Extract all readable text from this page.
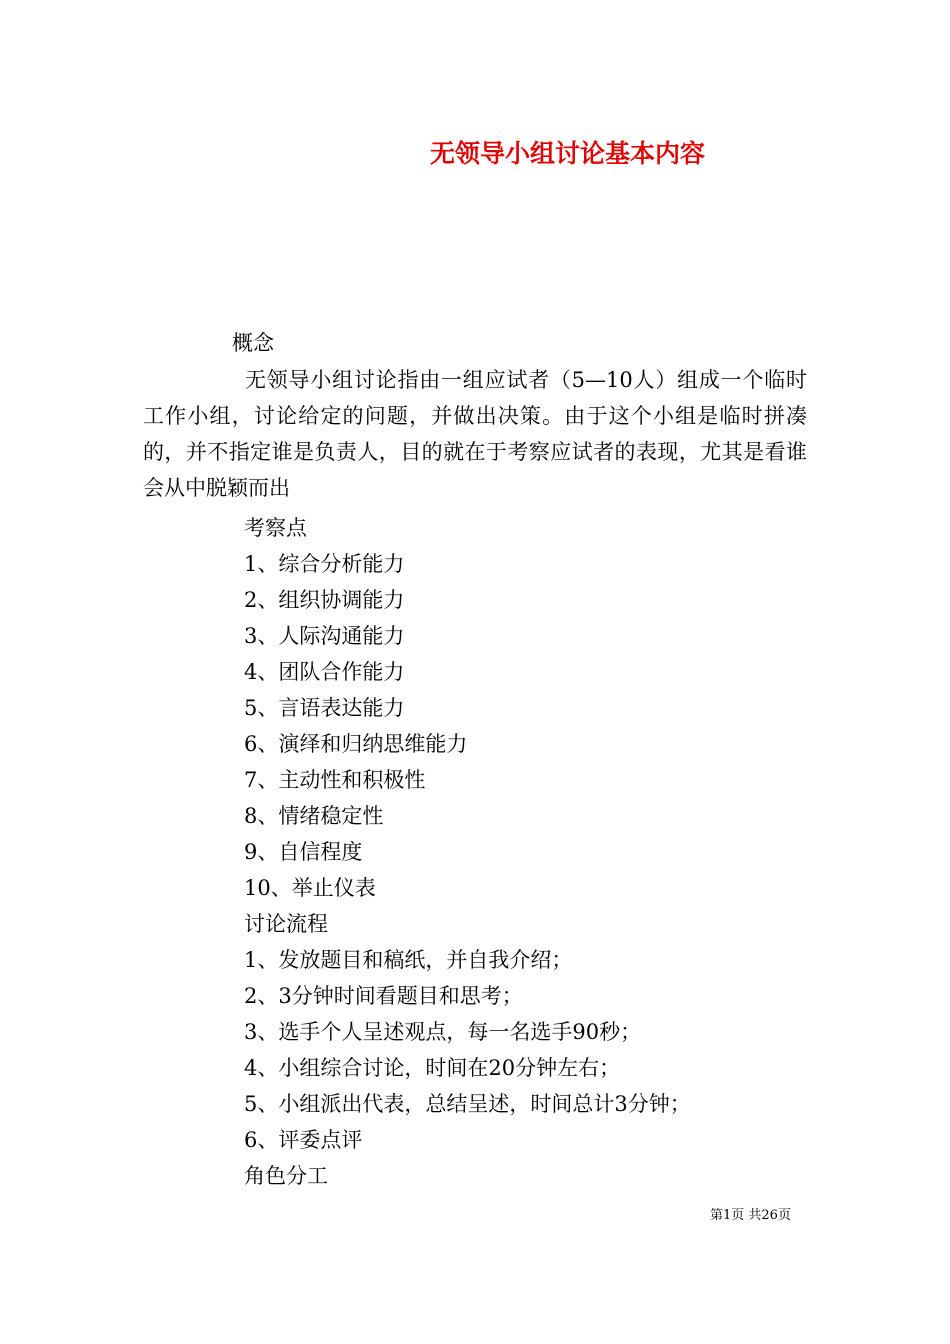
无领导小组讨论基本内容
概念
无领导小组讨论指由一组应试者（5—10人）组成一个临时工作小组，讨论给定的问题，并做出决策。由于这个小组是临时拼凑的，并不指定谁是负责人，目的就在于考察应试者的表现，尤其是看谁会从中脱颖而出
考察点
1、综合分析能力
2、组织协调能力
3、人际沟通能力
4、团队合作能力
5、言语表达能力
6、演绎和归纳思维能力
7、主动性和积极性
8、情绪稳定性
9、自信程度
10、举止仪表
讨论流程
1、发放题目和稿纸，并自我介绍；
2、3分钟时间看题目和思考；
3、选手个人呈述观点，每一名选手90秒；
4、小组综合讨论，时间在20分钟左右；
5、小组派出代表，总结呈述，时间总计3分钟；
6、评委点评
角色分工
第1页 共26页
